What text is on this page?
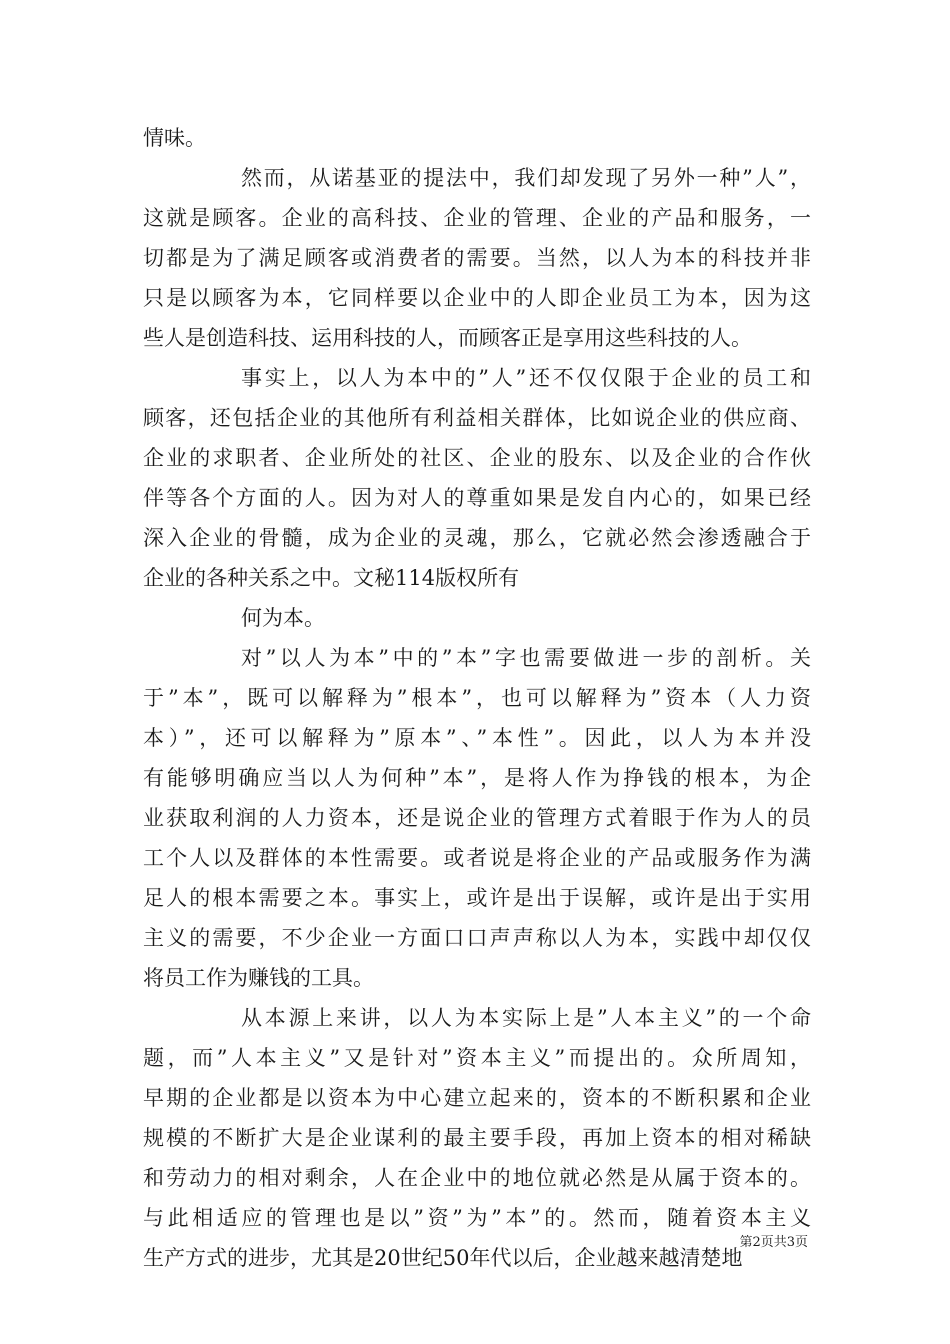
情味。
然而，从诺基亚的提法中，我们却发现了另外一种”人”，
这就是顾客。企业的高科技、企业的管理、企业的产品和服务，一
切都是为了满足顾客或消费者的需要。当然，以人为本的科技并非
只是以顾客为本，它同样要以企业中的人即企业员工为本，因为这
些人是创造科技、运用科技的人，而顾客正是享用这些科技的人。
事实上，以人为本中的”人”还不仅仅限于企业的员工和
顾客，还包括企业的其他所有利益相关群体，比如说企业的供应商、
企业的求职者、企业所处的社区、企业的股东、以及企业的合作伙
伴等各个方面的人。因为对人的尊重如果是发自内心的，如果已经
深入企业的骨髓，成为企业的灵魂，那么，它就必然会渗透融合于
企业的各种关系之中。文秘114版权所有
何为本。
对”以人为本”中的”本”字也需要做进一步的剖析。关
于”本”，既可以解释为”根本”，也可以解释为”资本（人力资
本）”，还可以解释为”原本”、”本性”。因此，以人为本并没
有能够明确应当以人为何种”本”，是将人作为挣钱的根本，为企
业获取利润的人力资本，还是说企业的管理方式着眼于作为人的员
工个人以及群体的本性需要。或者说是将企业的产品或服务作为满
足人的根本需要之本。事实上，或许是出于误解，或许是出于实用
主义的需要，不少企业一方面口口声声称以人为本，实践中却仅仅
将员工作为赚钱的工具。
从本源上来讲，以人为本实际上是”人本主义”的一个命
题，而”人本主义”又是针对”资本主义”而提出的。众所周知，
早期的企业都是以资本为中心建立起来的，资本的不断积累和企业
规模的不断扩大是企业谋利的最主要手段，再加上资本的相对稀缺
和劳动力的相对剩余，人在企业中的地位就必然是从属于资本的。
与此相适应的管理也是以”资”为”本”的。然而，随着资本主义
生产方式的进步，尤其是20世纪50年代以后，企业越来越清楚地
第2页共3页
